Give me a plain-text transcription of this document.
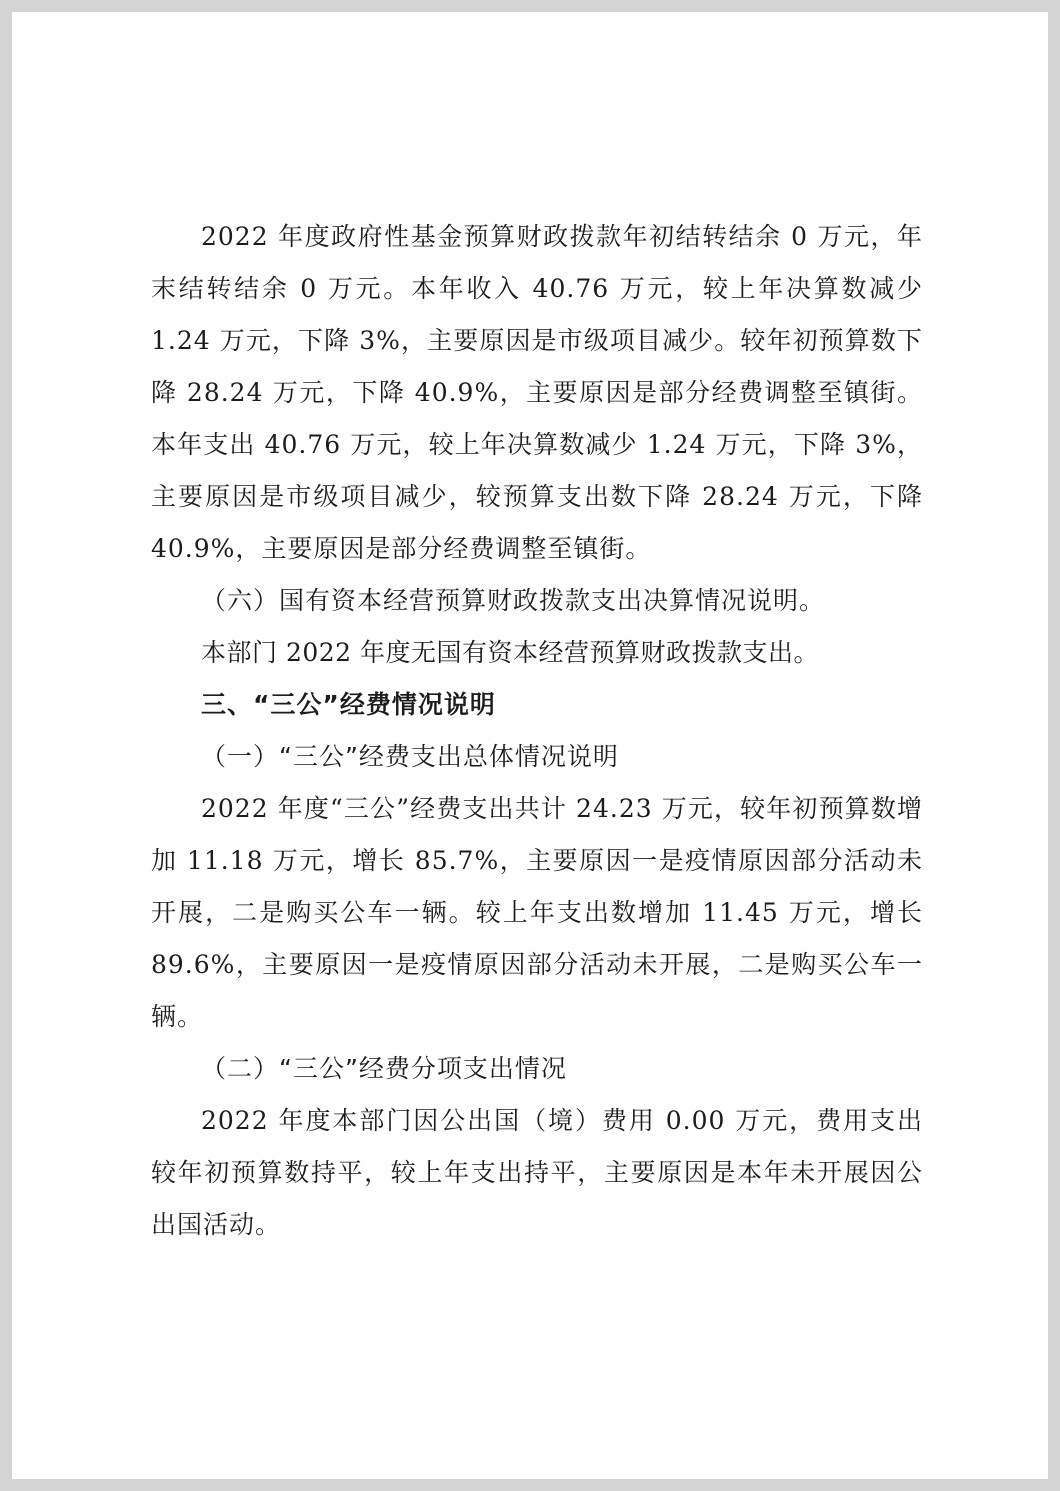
2022 年度政府性基金预算财政拨款年初结转结余 0 万元，年末结转结余 0 万元。本年收入 40.76 万元，较上年决算数减少 1.24 万元，下降 3%，主要原因是市级项目减少。较年初预算数下降 28.24 万元，下降 40.9%，主要原因是部分经费调整至镇街。本年支出 40.76 万元，较上年决算数减少 1.24 万元，下降 3%，主要原因是市级项目减少，较预算支出数下降 28.24 万元，下降 40.9%，主要原因是部分经费调整至镇街。

（六）国有资本经营预算财政拨款支出决算情况说明。

本部门 2022 年度无国有资本经营预算财政拨款支出。

三、“三公”经费情况说明

（一）“三公”经费支出总体情况说明

2022 年度“三公”经费支出共计 24.23 万元，较年初预算数增加 11.18 万元，增长 85.7%，主要原因一是疫情原因部分活动未开展，二是购买公车一辆。较上年支出数增加 11.45 万元，增长 89.6%，主要原因一是疫情原因部分活动未开展，二是购买公车一辆。

（二）“三公”经费分项支出情况

2022 年度本部门因公出国（境）费用 0.00 万元，费用支出较年初预算数持平，较上年支出持平，主要原因是本年未开展因公出国活动。
